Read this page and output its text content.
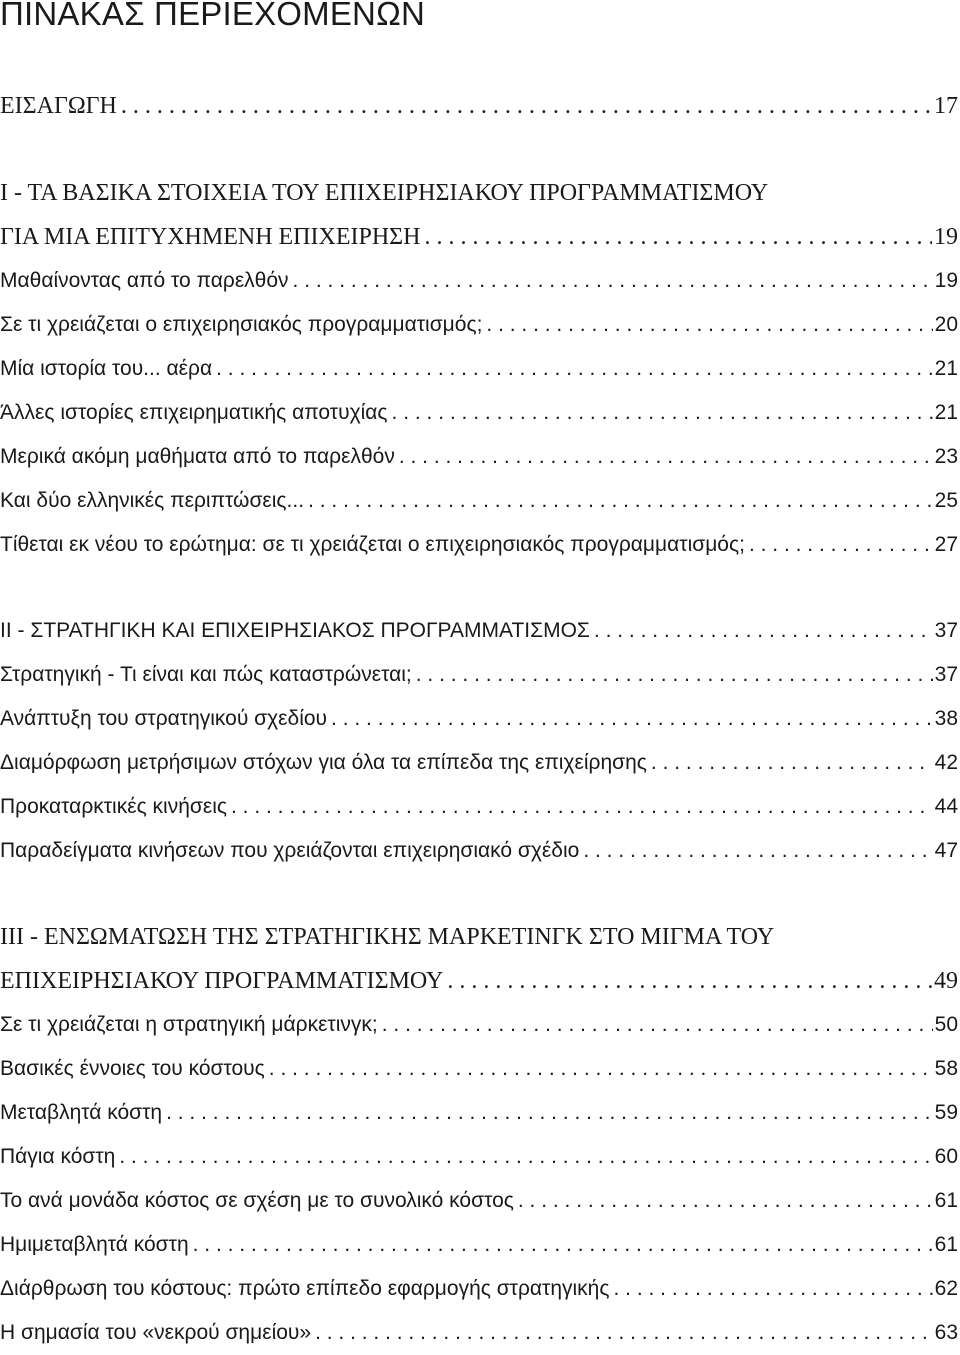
ΠΙΝΑΚΑΣ ΠΕΡΙΕΧΟΜΕΝΩΝ
ΕΙΣΑΓΩΓΗ . . .	17
Ι - ΤΑ ΒΑΣΙΚΑ ΣΤΟΙΧΕΙΑ ΤΟΥ ΕΠΙΧΕΙΡΗΣΙΑΚΟΥ ΠΡΟΓΡΑΜΜΑΤΙΣΜΟΥ
ΓΙΑ ΜΙΑ ΕΠΙΤΥΧΗΜΕΝΗ ΕΠΙΧΕΙΡΗΣΗ . . .	19
Μαθαίνοντας από το παρελθόν . . .	19
Σε τι χρειάζεται ο επιχειρησιακός προγραμματισμός; . . .	20
Μία ιστορία του... αέρα . . .	21
Άλλες ιστορίες επιχειρηματικής αποτυχίας . . .	21
Μερικά ακόμη μαθήματα από το παρελθόν . . .	23
Και δύο ελληνικές περιπτώσεις... . . .	25
Τίθεται εκ νέου το ερώτημα: σε τι χρειάζεται ο επιχειρησιακός προγραμματισμός; . . .	27
ΙΙ - ΣΤΡΑΤΗΓΙΚΗ ΚΑΙ ΕΠΙΧΕΙΡΗΣΙΑΚΟΣ ΠΡΟΓΡΑΜΜΑΤΙΣΜΟΣ . . .	37
Στρατηγική - Τι είναι και πώς καταστρώνεται; . . .	37
Ανάπτυξη του στρατηγικού σχεδίου . . .	38
Διαμόρφωση μετρήσιμων στόχων για όλα τα επίπεδα της επιχείρησης . . .	42
Προκαταρκτικές κινήσεις . . .	44
Παραδείγματα κινήσεων που χρειάζονται επιχειρησιακό σχέδιο . . .	47
ΙΙΙ - ΕΝΣΩΜΑΤΩΣΗ ΤΗΣ ΣΤΡΑΤΗΓΙΚΗΣ ΜΑΡΚΕΤΙΝΓΚ ΣΤΟ ΜΙΓΜΑ ΤΟΥ
ΕΠΙΧΕΙΡΗΣΙΑΚΟΥ ΠΡΟΓΡΑΜΜΑΤΙΣΜΟΥ . . .	49
Σε τι χρειάζεται η στρατηγική μάρκετινγκ; . . .	50
Βασικές έννοιες του κόστους . . .	58
Μεταβλητά κόστη . . .	59
Πάγια κόστη . . .	60
Το ανά μονάδα κόστος σε σχέση με το συνολικό κόστος . . .	61
Ημιμεταβλητά κόστη . . .	61
Διάρθρωση του κόστους: πρώτο επίπεδο εφαρμογής στρατηγικής . . .	62
Η σημασία του «νεκρού σημείου» . . .	63
